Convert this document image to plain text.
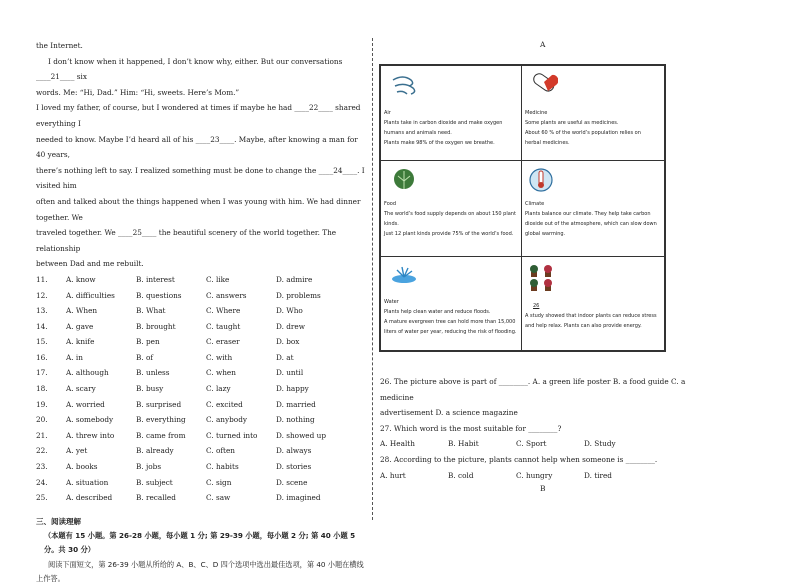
the Internet.

I don’t know when it happened, I don’t know why, either. But our conversations ____21____ six

words. Me: “Hi, Dad.” Him: “Hi, sweets. Here’s Mom.”

I loved my father, of course, but I wondered at times if maybe he had ____22____ shared everything I

needed to know. Maybe I’d heard all of his ____23____. Maybe, after knowing a man for 40 years,

there’s nothing left to say. I realized something must be done to change the ____24____. I visited him

often and talked about the things happened when I was young with him. We had dinner together. We

traveled together. We ____25____ the beautiful scenery of the world together. The relationship

between Dad and me rebuilt.

11.	A. know	B. interest	C. like	D. admire
12.	A. difficulties	B. questions	C. answers	D. problems
13.	A. When	B. What	C. Where	D. Who
14.	A. gave	B. brought	C. taught	D. drew
15.	A. knife	B. pen	C. eraser	D. box
16.	A. in	B. of	C. with	D. at
17.	A. although	B. unless	C. when	D. until
18.	A. scary	B. busy	C. lazy	D. happy
19.	A. worried	B. surprised	C. excited	D. married
20.	A. somebody	B. everything	C. anybody	D. nothing
21.	A. threw into	B. came from	C. turned into	D. showed up
22.	A. yet	B. already	C. often	D. always
23.	A. books	B. jobs	C. habits	D. stories
24.	A. situation	B. subject	C. sign	D. scene
25.	A. described	B. recalled	C. saw	D. imagined

三、阅读理解

（本题有 15 小题。第 26-28 小题，每小题 1 分; 第 29-39 小题，每小题 2 分; 第 40 小题 5 分。共 30 分）

阅读下面短文，第 26-39 小题从所给的 A、B、C、D 四个选项中选出最佳选项，第 40 小题在横线上作答。

A
Air
Plants take in carbon dioxide and make oxygen
humans and animals need.
Plants make 98% of the oxygen we breathe.
Medicine
Some plants are useful as medicines.
About 60 % of the world’s population relies on
herbal medicines.
Food
The world’s food supply depends on about 150 plant
kinds.
Just 12 plant kinds provide 75% of the world’s food.
Climate
Plants balance our climate. They help take carbon
dioxide out of the atmosphere, which can slow down
global warming.
Water
Plants help clean water and reduce floods.
A mature evergreen tree can hold more than 15,000
liters of water per year, reducing the risk of flooding.
26
A study showed that indoor plants can reduce stress
and help relax. Plants can also provide energy.

26. The picture above is part of ________. A. a green life poster B. a food guide C. a medicine

advertisement D. a science magazine

27. Which word is the most suitable for ________?

A. Health	B. Habit	C. Sport	D. Study

28. According to the picture, plants cannot help when someone is ________.

A. hurt	B. cold	C. hungry	D. tired

B
